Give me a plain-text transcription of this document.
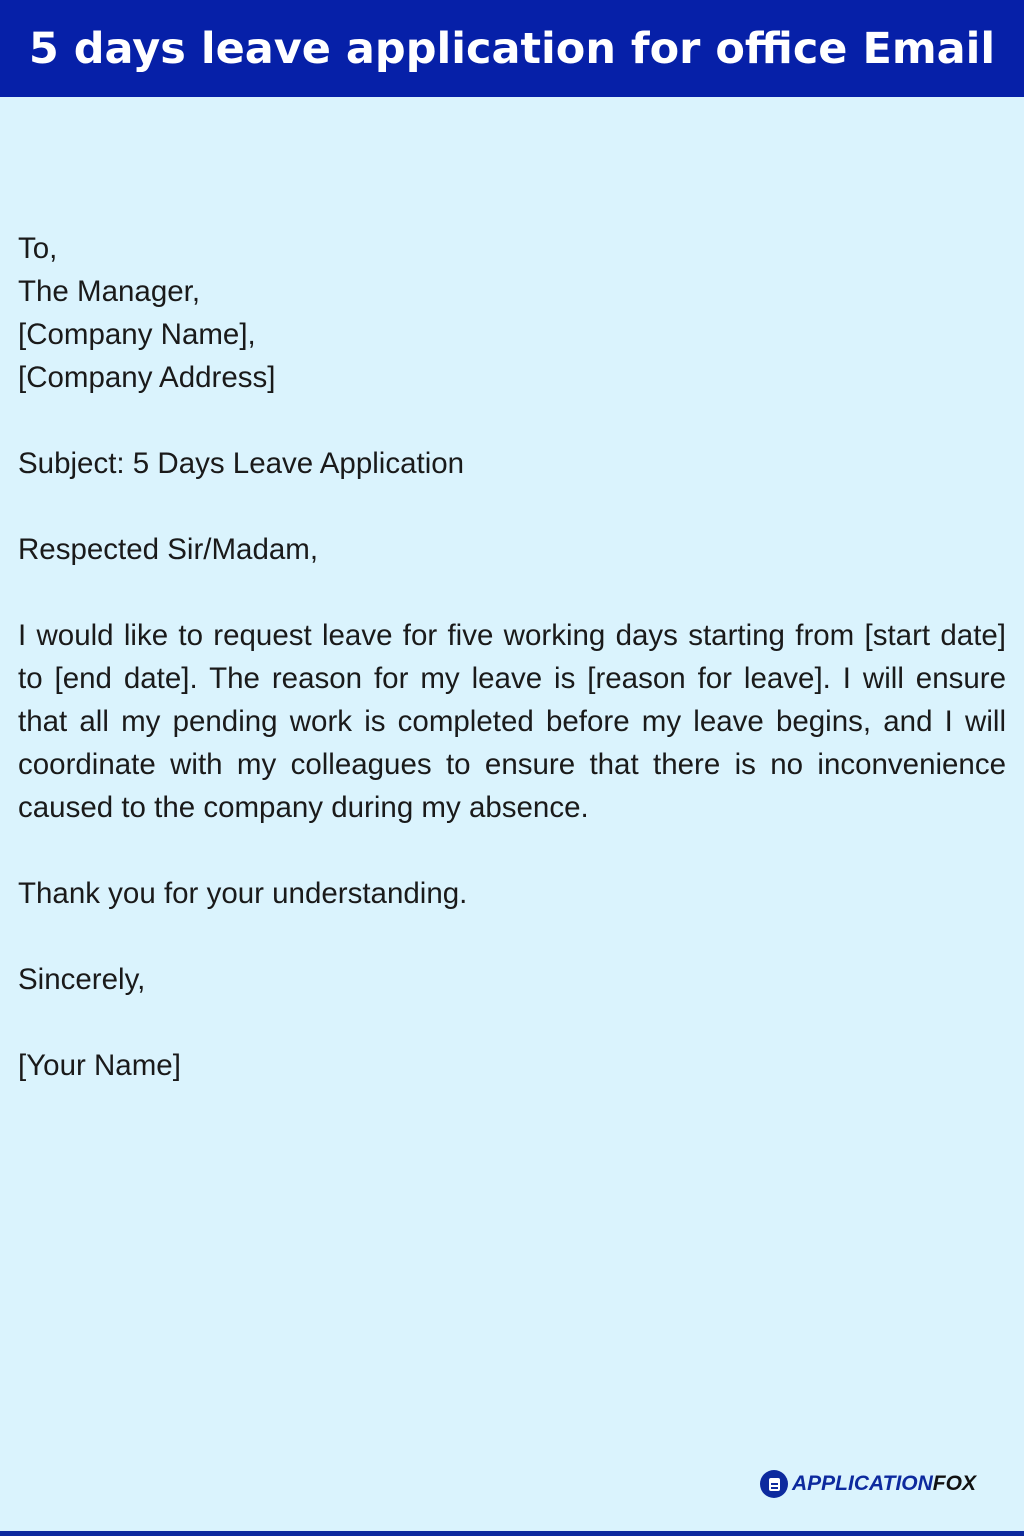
5 days leave application for office Email

To,
The Manager,
[Company Name],
[Company Address]

Subject: 5 Days Leave Application

Respected Sir/Madam,

I would like to request leave for five working days starting from [start date] to [end date]. The reason for my leave is [reason for leave]. I will ensure that all my pending work is completed before my leave begins, and I will coordinate with my colleagues to ensure that there is no inconvenience caused to the company during my absence.

Thank you for your understanding.

Sincerely,

[Your Name]

APPLICATIONFOX
